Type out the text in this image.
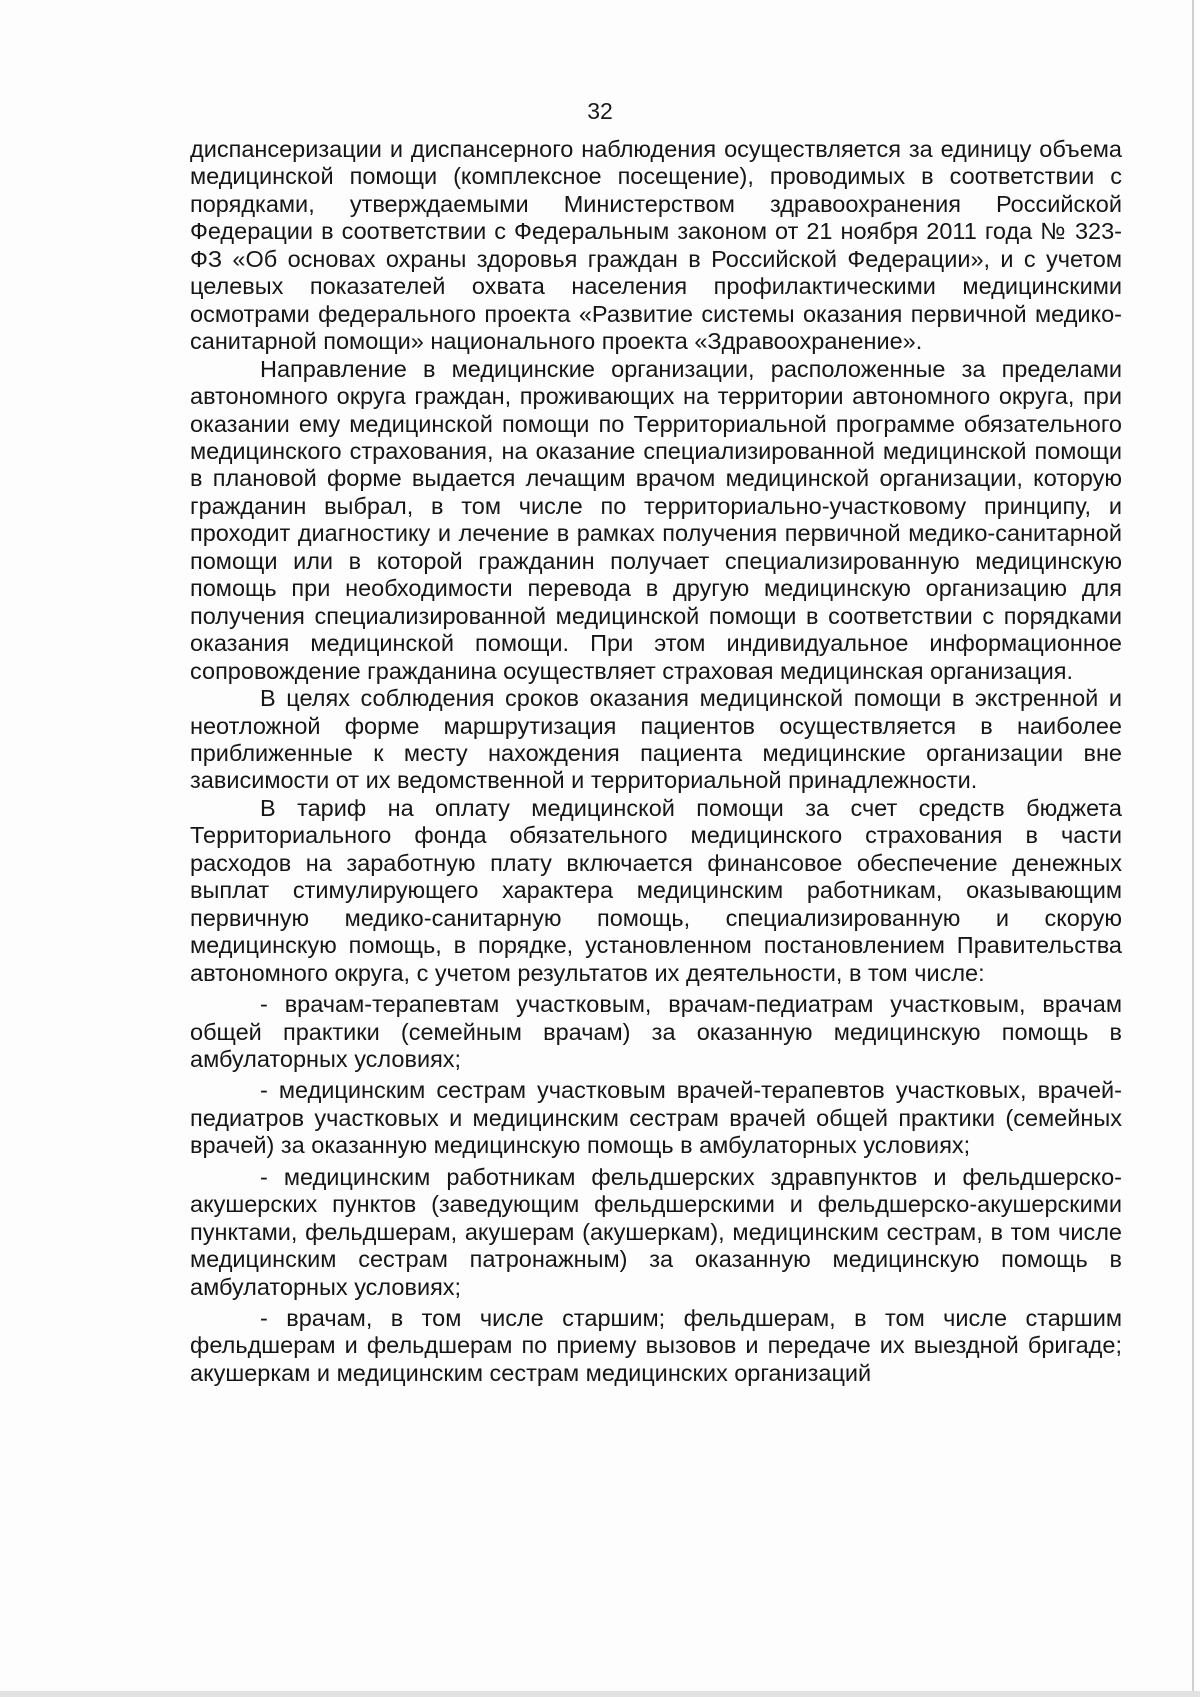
32

диспансеризации и диспансерного наблюдения осуществляется за единицу объема медицинской помощи (комплексное посещение), проводимых в соответствии с порядками, утверждаемыми Министерством здравоохранения Российской Федерации в соответствии с Федеральным законом от 21 ноября 2011 года № 323-ФЗ «Об основах охраны здоровья граждан в Российской Федерации», и с учетом целевых показателей охвата населения профилактическими медицинскими осмотрами федерального проекта «Развитие системы оказания первичной медико-санитарной помощи» национального проекта «Здравоохранение».

Направление в медицинские организации, расположенные за пределами автономного округа граждан, проживающих на территории автономного округа, при оказании ему медицинской помощи по Территориальной программе обязательного медицинского страхования, на оказание специализированной медицинской помощи в плановой форме выдается лечащим врачом медицинской организации, которую гражданин выбрал, в том числе по территориально-участковому принципу, и проходит диагностику и лечение в рамках получения первичной медико-санитарной помощи или в которой гражданин получает специализированную медицинскую помощь при необходимости перевода в другую медицинскую организацию для получения специализированной медицинской помощи в соответствии с порядками оказания медицинской помощи. При этом индивидуальное информационное сопровождение гражданина осуществляет страховая медицинская организация.

В целях соблюдения сроков оказания медицинской помощи в экстренной и неотложной форме маршрутизация пациентов осуществляется в наиболее приближенные к месту нахождения пациента медицинские организации вне зависимости от их ведомственной и территориальной принадлежности.

В тариф на оплату медицинской помощи за счет средств бюджета Территориального фонда обязательного медицинского страхования в части расходов на заработную плату включается финансовое обеспечение денежных выплат стимулирующего характера медицинским работникам, оказывающим первичную медико-санитарную помощь, специализированную и скорую медицинскую помощь, в порядке, установленном постановлением Правительства автономного округа, с учетом результатов их деятельности, в том числе:

- врачам-терапевтам участковым, врачам-педиатрам участковым, врачам общей практики (семейным врачам) за оказанную медицинскую помощь в амбулаторных условиях;

- медицинским сестрам участковым врачей-терапевтов участковых, врачей-педиатров участковых и медицинским сестрам врачей общей практики (семейных врачей) за оказанную медицинскую помощь в амбулаторных условиях;

- медицинским работникам фельдшерских здравпунктов и фельдшерско-акушерских пунктов (заведующим фельдшерскими и фельдшерско-акушерскими пунктами, фельдшерам, акушерам (акушеркам), медицинским сестрам, в том числе медицинским сестрам патронажным) за оказанную медицинскую помощь в амбулаторных условиях;

- врачам, в том числе старшим; фельдшерам, в том числе старшим фельдшерам и фельдшерам по приему вызовов и передаче их выездной бригаде; акушеркам и медицинским сестрам медицинских организаций
